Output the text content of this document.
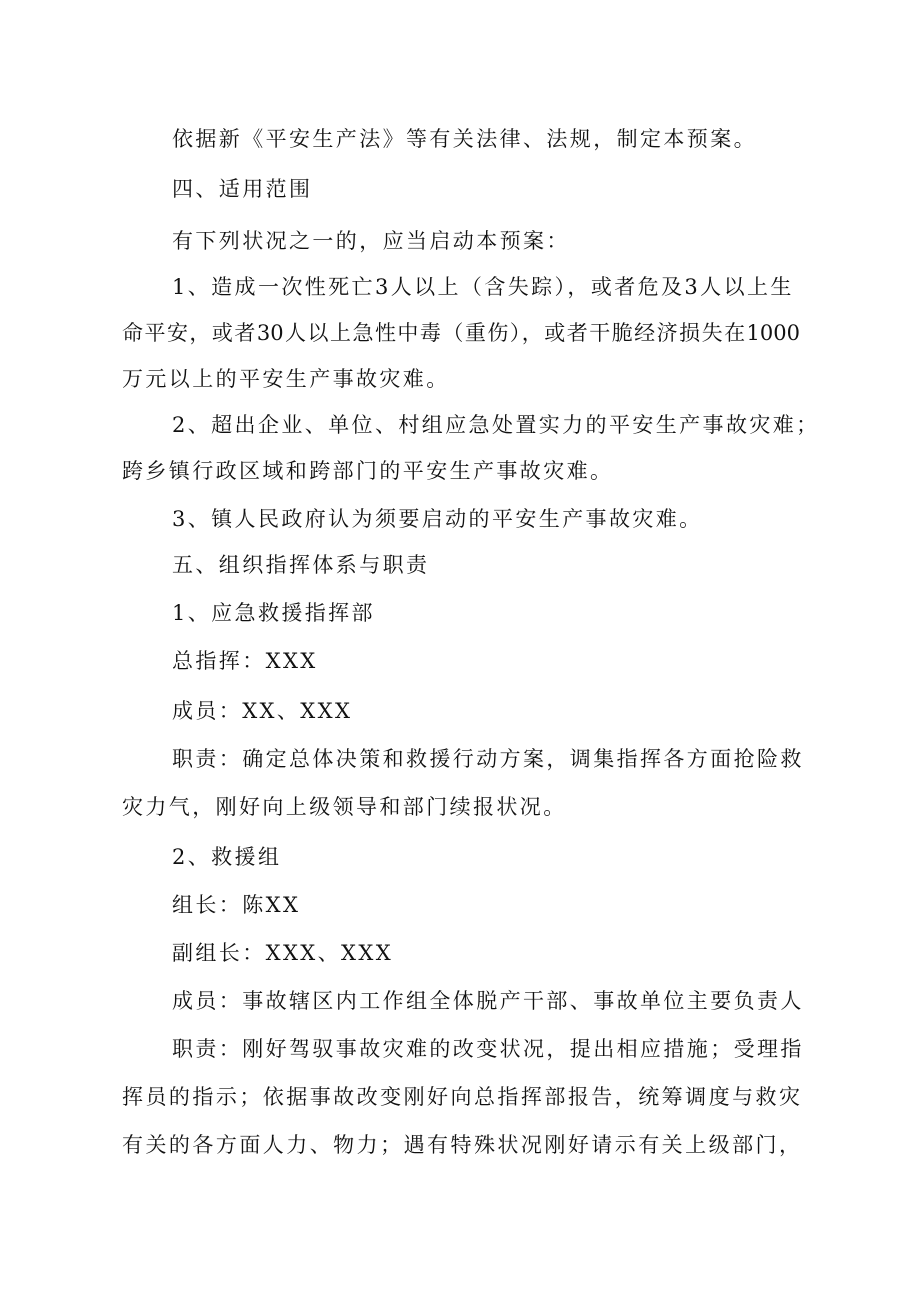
依据新《平安生产法》等有关法律、法规，制定本预案。
四、适用范围
有下列状况之一的，应当启动本预案：
1、造成一次性死亡3人以上（含失踪），或者危及3人以上生
命平安，或者30人以上急性中毒（重伤），或者干脆经济损失在1000
万元以上的平安生产事故灾难。
2、超出企业、单位、村组应急处置实力的平安生产事故灾难；
跨乡镇行政区域和跨部门的平安生产事故灾难。
3、镇人民政府认为须要启动的平安生产事故灾难。
五、组织指挥体系与职责
1、应急救援指挥部
总指挥：XXX
成员：XX、XXX
职责：确定总体决策和救援行动方案，调集指挥各方面抢险救
灾力气，刚好向上级领导和部门续报状况。
2、救援组
组长：陈XX
副组长：XXX、XXX
成员：事故辖区内工作组全体脱产干部、事故单位主要负责人
职责：刚好驾驭事故灾难的改变状况，提出相应措施；受理指
挥员的指示；依据事故改变刚好向总指挥部报告，统筹调度与救灾
有关的各方面人力、物力；遇有特殊状况刚好请示有关上级部门，
